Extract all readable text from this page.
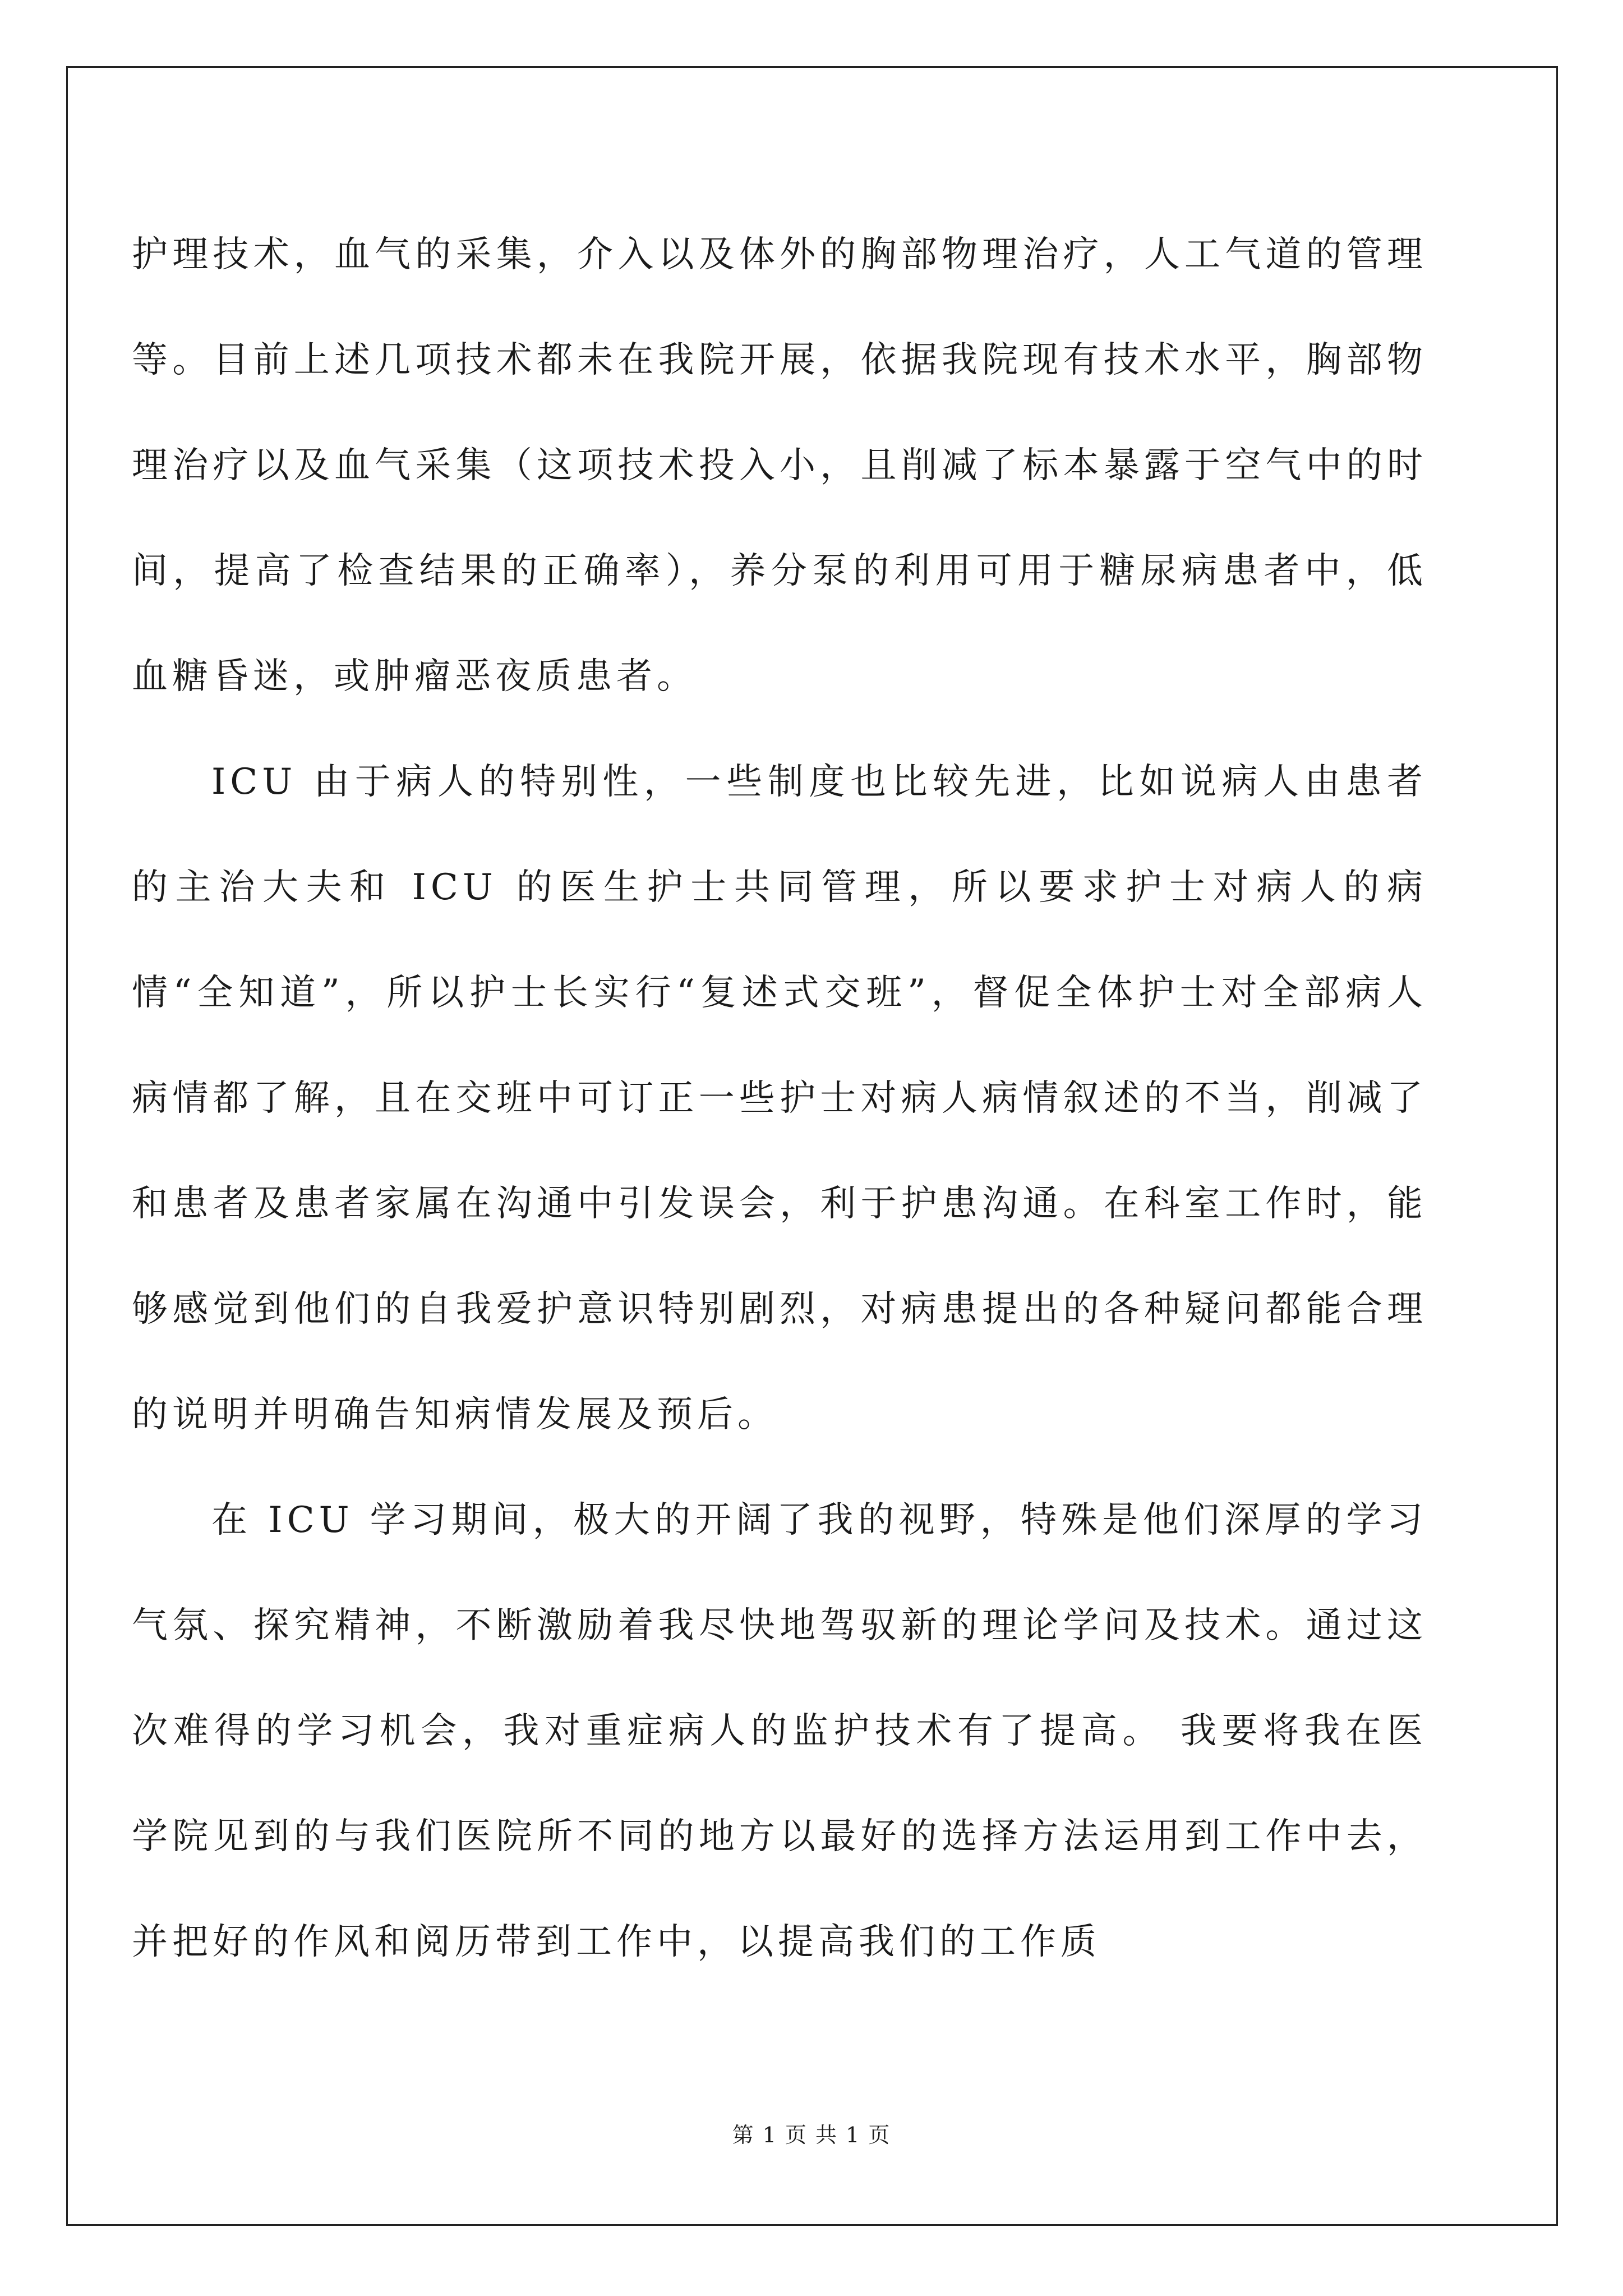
护理技术，血气的采集，介入以及体外的胸部物理治疗，人工气道的管理等。目前上述几项技术都未在我院开展，依据我院现有技术水平，胸部物理治疗以及血气采集（这项技术投入小，且削减了标本暴露于空气中的时间，提高了检查结果的正确率），养分泵的利用可用于糖尿病患者中，低血糖昏迷，或肿瘤恶夜质患者。

ICU 由于病人的特别性，一些制度也比较先进，比如说病人由患者的主治大夫和 ICU 的医生护士共同管理，所以要求护士对病人的病情“全知道”，所以护士长实行“复述式交班”，督促全体护士对全部病人病情都了解，且在交班中可订正一些护士对病人病情叙述的不当，削减了和患者及患者家属在沟通中引发误会，利于护患沟通。在科室工作时，能够感觉到他们的自我爱护意识特别剧烈，对病患提出的各种疑问都能合理的说明并明确告知病情发展及预后。

在 ICU 学习期间，极大的开阔了我的视野，特殊是他们深厚的学习气氛、探究精神，不断激励着我尽快地驾驭新的理论学问及技术。通过这次难得的学习机会，我对重症病人的监护技术有了提高。 我要将我在医学院见到的与我们医院所不同的地方以最好的选择方法运用到工作中去，并把好的作风和阅历带到工作中，以提高我们的工作质

第 1 页 共 1 页
